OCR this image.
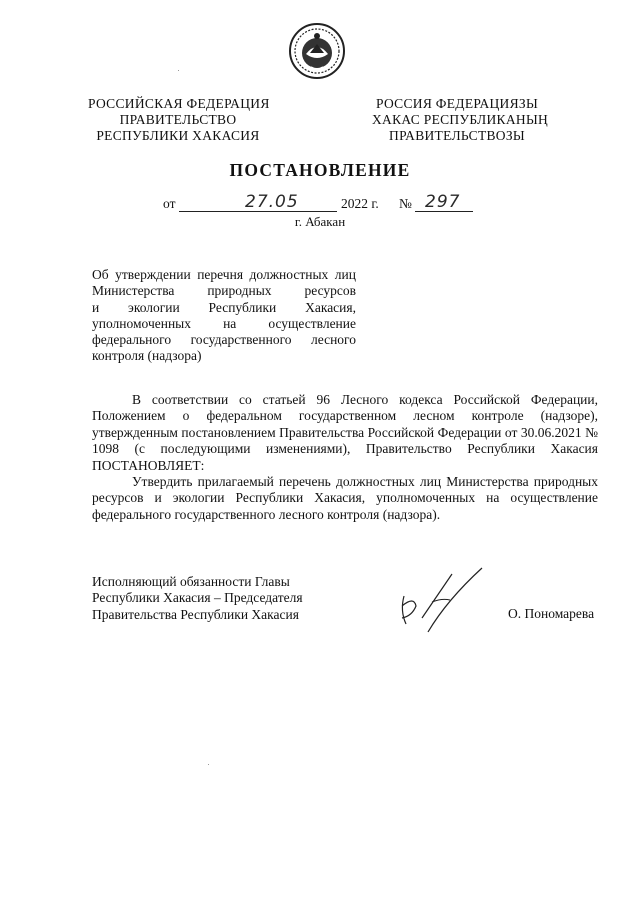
РОССИЙСКАЯ ФЕДЕРАЦИЯ
ПРАВИТЕЛЬСТВО
РЕСПУБЛИКИ ХАКАСИЯ
РОССИЯ ФЕДЕРАЦИЯЗЫ
ХАКАС РЕСПУБЛИКАНЫҢ
ПРАВИТЕЛЬСТВОЗЫ
ПОСТАНОВЛЕНИЕ
от	27.05	2022 г. № 297
г. Абакан
Об утверждении перечня должностных лиц
Министерства природных ресурсов
и экологии Республики Хакасия,
уполномоченных на осуществление
федерального государственного лесного
контроля (надзора)

В соответствии со статьей 96 Лесного кодекса Российской Федерации, Положением о федеральном государственном лесном контроле (надзоре), утвержденным постановлением Правительства Российской Федерации от 30.06.2021 № 1098 (с последующими изменениями), Правительство Республики Хакасия ПОСТАНОВЛЯЕТ:

Утвердить прилагаемый перечень должностных лиц Министерства природных ресурсов и экологии Республики Хакасия, уполномоченных на осуществление федерального государственного лесного контроля (надзора).

Исполняющий обязанности Главы
Республики Хакасия – Председателя
Правительства Республики Хакасия	О. Пономарева
